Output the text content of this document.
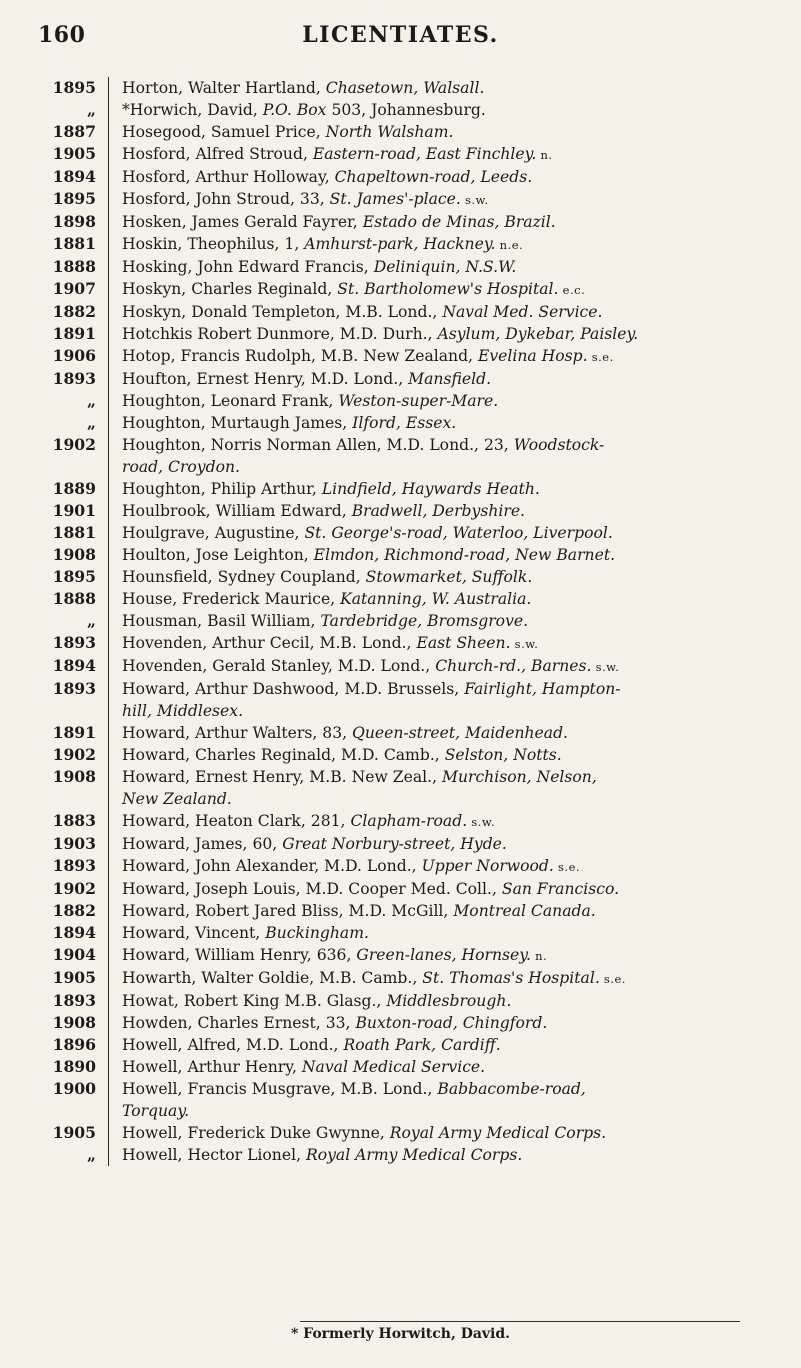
160	LICENTIATES.
1895 Horton, Walter Hartland, Chasetown, Walsall.
„ *Horwich, David, P.O. Box 503, Johannesburg.
1887 Hosegood, Samuel Price, North Walsham.
1905 Hosford, Alfred Stroud, Eastern-road, East Finchley. n.
1894 Hosford, Arthur Holloway, Chapeltown-road, Leeds.
1895 Hosford, John Stroud, 33, St. James'-place. s.w.
1898 Hosken, James Gerald Fayrer, Estado de Minas, Brazil.
1881 Hoskin, Theophilus, 1, Amhurst-park, Hackney. n.e.
1888 Hosking, John Edward Francis, Deliniquin, N.S.W.
1907 Hoskyn, Charles Reginald, St. Bartholomew's Hospital. e.c.
1882 Hoskyn, Donald Templeton, M.B. Lond., Naval Med. Service.
1891 Hotchkis Robert Dunmore, M.D. Durh., Asylum, Dykebar, Paisley.
1906 Hotop, Francis Rudolph, M.B. New Zealand, Evelina Hosp. s.e.
1893 Houfton, Ernest Henry, M.D. Lond., Mansfield.
„ Houghton, Leonard Frank, Weston-super-Mare.
„ Houghton, Murtaugh James, Ilford, Essex.
1902 Houghton, Norris Norman Allen, M.D. Lond., 23, Woodstock-
road, Croydon.
1889 Houghton, Philip Arthur, Lindfield, Haywards Heath.
1901 Houlbrook, William Edward, Bradwell, Derbyshire.
1881 Houlgrave, Augustine, St. George's-road, Waterloo, Liverpool.
1908 Houlton, Jose Leighton, Elmdon, Richmond-road, New Barnet.
1895 Hounsfield, Sydney Coupland, Stowmarket, Suffolk.
1888 House, Frederick Maurice, Katanning, W. Australia.
„ Housman, Basil William, Tardebridge, Bromsgrove.
1893 Hovenden, Arthur Cecil, M.B. Lond., East Sheen. s.w.
1894 Hovenden, Gerald Stanley, M.D. Lond., Church-rd., Barnes. s.w.
1893 Howard, Arthur Dashwood, M.D. Brussels, Fairlight, Hampton-
hill, Middlesex.
1891 Howard, Arthur Walters, 83, Queen-street, Maidenhead.
1902 Howard, Charles Reginald, M.D. Camb., Selston, Notts.
1908 Howard, Ernest Henry, M.B. New Zeal., Murchison, Nelson,
New Zealand.
1883 Howard, Heaton Clark, 281, Clapham-road. s.w.
1903 Howard, James, 60, Great Norbury-street, Hyde.
1893 Howard, John Alexander, M.D. Lond., Upper Norwood. s.e.
1902 Howard, Joseph Louis, M.D. Cooper Med. Coll., San Francisco.
1882 Howard, Robert Jared Bliss, M.D. McGill, Montreal Canada.
1894 Howard, Vincent, Buckingham.
1904 Howard, William Henry, 636, Green-lanes, Hornsey. n.
1905 Howarth, Walter Goldie, M.B. Camb., St. Thomas's Hospital. s.e.
1893 Howat, Robert King M.B. Glasg., Middlesbrough.
1908 Howden, Charles Ernest, 33, Buxton-road, Chingford.
1896 Howell, Alfred, M.D. Lond., Roath Park, Cardiff.
1890 Howell, Arthur Henry, Naval Medical Service.
1900 Howell, Francis Musgrave, M.B. Lond., Babbacombe-road,
Torquay.
1905 Howell, Frederick Duke Gwynne, Royal Army Medical Corps.
„ Howell, Hector Lionel, Royal Army Medical Corps.
* Formerly Horwitch, David.
